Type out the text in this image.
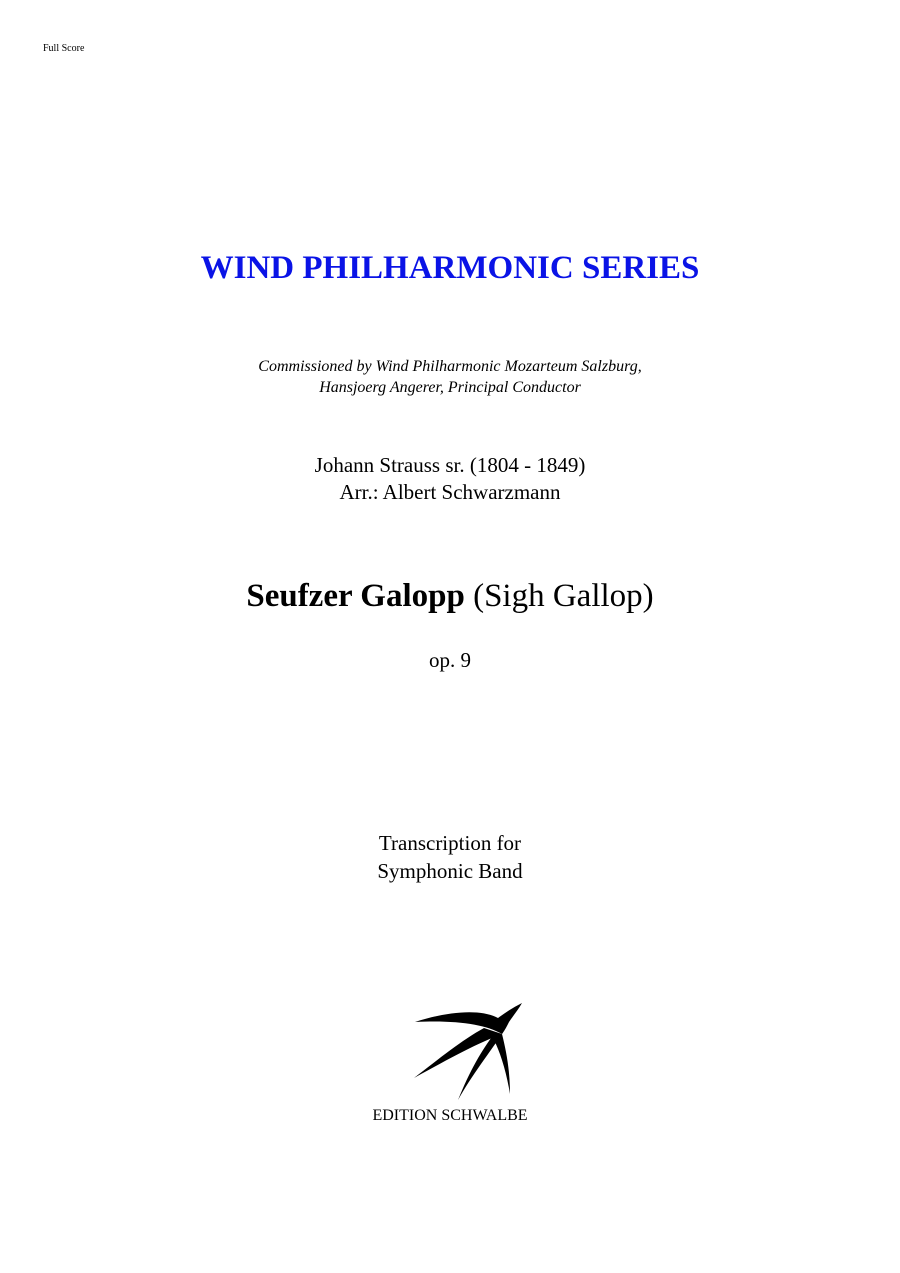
Full Score
WIND PHILHARMONIC SERIES
Commissioned by Wind Philharmonic Mozarteum Salzburg,
Hansjoerg Angerer, Principal Conductor
Johann Strauss sr. (1804 - 1849)
Arr.: Albert Schwarzmann
Seufzer Galopp (Sigh Gallop)
op. 9
Transcription for
Symphonic Band
EDITION SCHWALBE
